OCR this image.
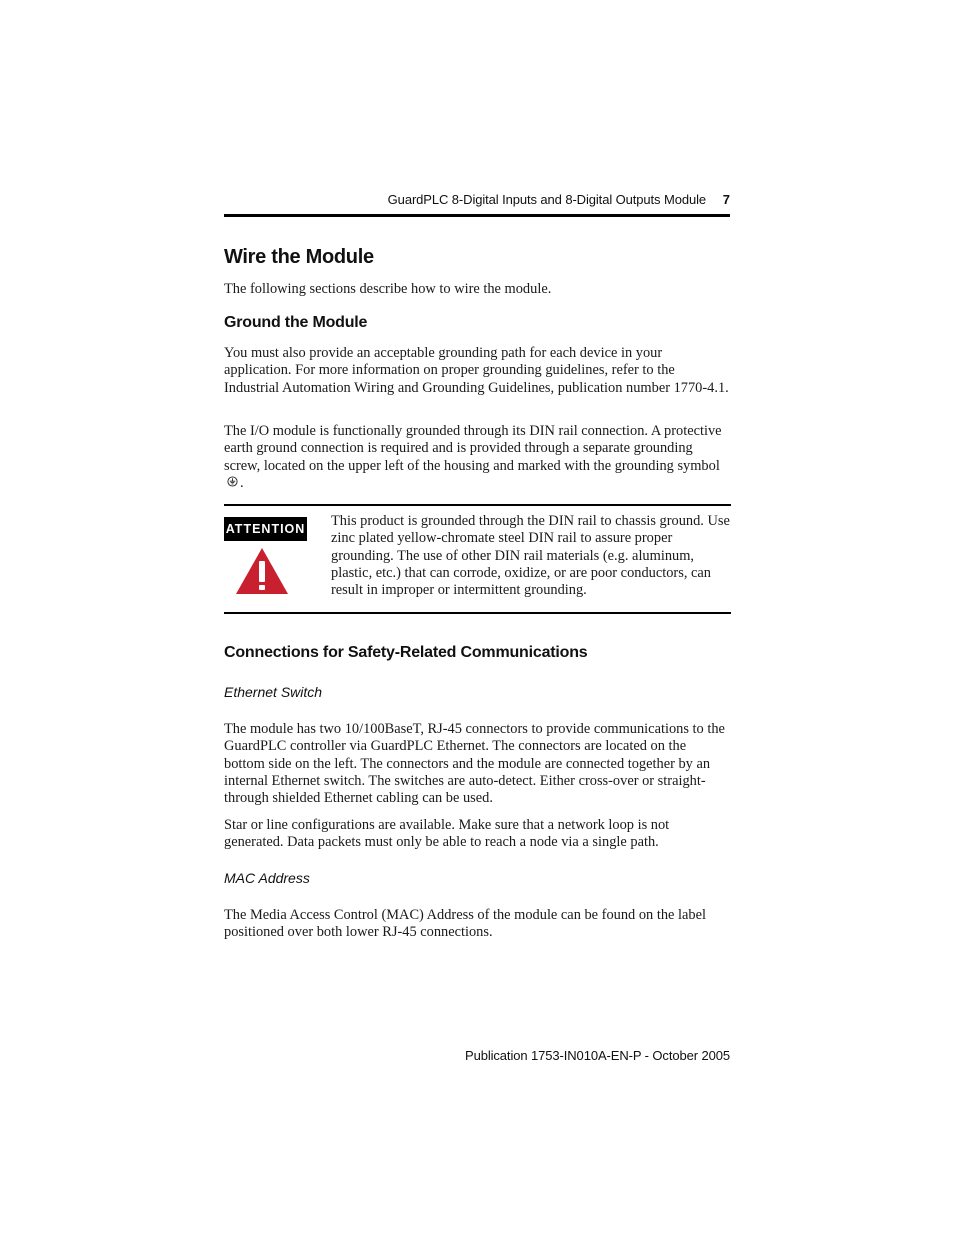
GuardPLC 8-Digital Inputs and 8-Digital Outputs Module	7
Wire the Module

The following sections describe how to wire the module.

Ground the Module

You must also provide an acceptable grounding path for each device in your application. For more information on proper grounding guidelines, refer to the Industrial Automation Wiring and Grounding Guidelines, publication number 1770-4.1.

The I/O module is functionally grounded through its DIN rail connection. A protective earth ground connection is required and is provided through a separate grounding screw, located on the upper left of the housing and marked with the grounding symbol.

ATTENTION This product is grounded through the DIN rail to chassis ground. Use zinc plated yellow-chromate steel DIN rail to assure proper grounding. The use of other DIN rail materials (e.g. aluminum, plastic, etc.) that can corrode, oxidize, or are poor conductors, can result in improper or intermittent grounding.

Connections for Safety-Related Communications
Ethernet Switch

The module has two 10/100BaseT, RJ-45 connectors to provide communications to the GuardPLC controller via GuardPLC Ethernet. The connectors are located on the bottom side on the left. The connectors and the module are connected together by an internal Ethernet switch. The switches are auto-detect. Either cross-over or straight-through shielded Ethernet cabling can be used.

Star or line configurations are available. Make sure that a network loop is not generated. Data packets must only be able to reach a node via a single path.

MAC Address

The Media Access Control (MAC) Address of the module can be found on the label positioned over both lower RJ-45 connections.

Publication 1753-IN010A-EN-P - October 2005
